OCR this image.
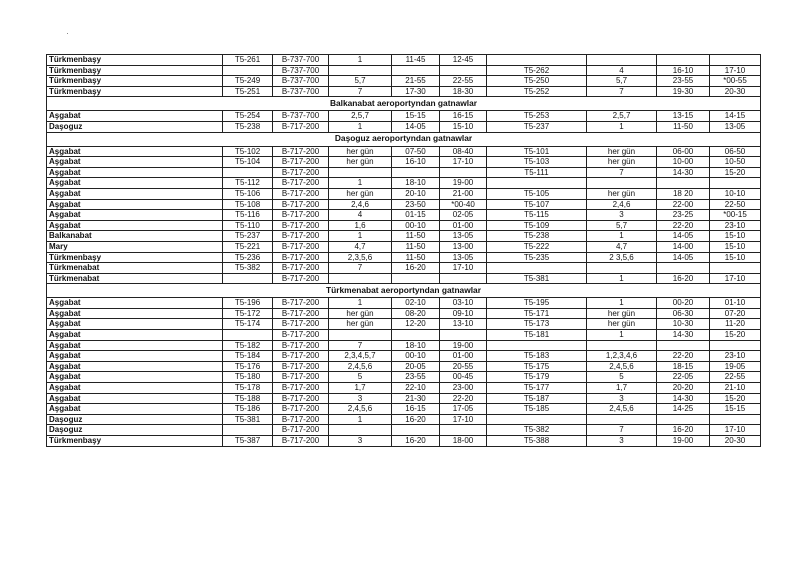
·
Türkmenbaşy	T5-261	B-737-700	1	11-45	12-45				
Türkmenbaşy		B-737-700				T5-262	4	16-10	17-10
Türkmenbaşy	T5-249	B-737-700	5,7	21-55	22-55	T5-250	5,7	23-55	*00-55
Türkmenbaşy	T5-251	B-737-700	7	17-30	18-30	T5-252	7	19-30	20-30
Balkanabat aeroportyndan gatnawlar									
Aşgabat	T5-254	B-737-700	2,5,7	15-15	16-15	T5-253	2,5,7	13-15	14-15
Daşoguz	T5-238	B-717-200	1	14-05	15-10	T5-237	1	11-50	13-05
Daşoguz aeroportyndan gatnawlar									
Aşgabat	T5-102	B-717-200	her gün	07-50	08-40	T5-101	her gün	06-00	06-50
Aşgabat	T5-104	B-717-200	her gün	16-10	17-10	T5-103	her gün	10-00	10-50
Aşgabat		B-717-200				T5-111	7	14-30	15-20
Aşgabat	T5-112	B-717-200	1	18-10	19-00				
Aşgabat	T5-106	B-717-200	her gün	20-10	21-00	T5-105	her gün	18 20	10-10
Aşgabat	T5-108	B-717-200	2,4,6	23-50	*00-40	T5-107	2,4,6	22-00	22-50
Aşgabat	T5-116	B-717-200	4	01-15	02-05	T5-115	3	23-25	*00-15
Aşgabat	T5-110	B-717-200	1,6	00-10	01-00	T5-109	5,7	22-20	23-10
Balkanabat	T5-237	B-717-200	1	11-50	13-05	T5-238	1	14-05	15-10
Mary	T5-221	B-717-200	4,7	11-50	13-00	T5-222	4,7	14-00	15-10
Türkmenbaşy	T5-236	B-717-200	2,3,5,6	11-50	13-05	T5-235	2 3,5,6	14-05	15-10
Türkmenabat	T5-382	B-717-200	7	16-20	17-10				
Türkmenabat		B-717-200				T5-381	1	16-20	17-10
Türkmenabat aeroportyndan gatnawlar									
Aşgabat	T5-196	B-717-200	1	02-10	03-10	T5-195	1	00-20	01-10
Aşgabat	T5-172	B-717-200	her gün	08-20	09-10	T5-171	her gün	06-30	07-20
Aşgabat	T5-174	B-717-200	her gün	12-20	13-10	T5-173	her gün	10-30	11-20
Aşgabat		B-717-200				T5-181	1	14-30	15-20
Aşgabat	T5-182	B-717-200	7	18-10	19-00				
Aşgabat	T5-184	B-717-200	2,3,4,5,7	00-10	01-00	T5-183	1,2,3,4,6	22-20	23-10
Aşgabat	T5-176	B-717-200	2,4,5,6	20-05	20-55	T5-175	2,4,5,6	18-15	19-05
Aşgabat	T5-180	B-717-200	5	23-55	00-45	T5-179	5	22-05	22-55
Aşgabat	T5-178	B-717-200	1,7	22-10	23-00	T5-177	1,7	20-20	21-10
Aşgabat	T5-188	B-717-200	3	21-30	22-20	T5-187	3	14-30	15-20
Aşgabat	T5-186	B-717-200	2,4,5,6	16-15	17-05	T5-185	2,4,5,6	14-25	15-15
Daşoguz	T5-381	B-717-200	1	16-20	17-10				
Daşoguz		B-717-200				T5-382	7	16-20	17-10
Türkmenbaşy	T5-387	B-717-200	3	16-20	18-00	T5-388	3	19-00	20-30
